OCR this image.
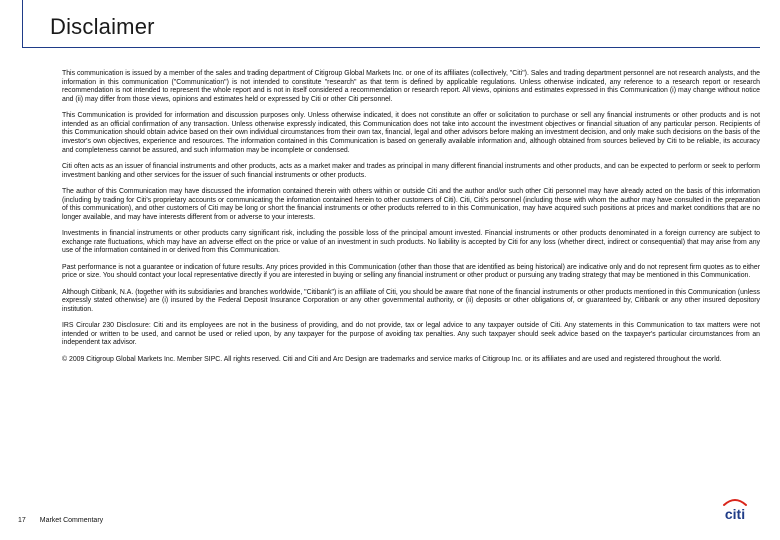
Disclaimer

This communication is issued by a member of the sales and trading department of Citigroup Global Markets Inc. or one of its affiliates (collectively, "Citi"). Sales and trading department personnel are not research analysts, and the information in this communication ("Communication") is not intended to constitute "research" as that term is defined by applicable regulations. Unless otherwise indicated, any reference to a research report or research recommendation is not intended to represent the whole report and is not in itself considered a recommendation or research report. All views, opinions and estimates expressed in this Communication (i) may change without notice and (ii) may differ from those views, opinions and estimates held or expressed by Citi or other Citi personnel.

This Communication is provided for information and discussion purposes only. Unless otherwise indicated, it does not constitute an offer or solicitation to purchase or sell any financial instruments or other products and is not intended as an official confirmation of any transaction. Unless otherwise expressly indicated, this Communication does not take into account the investment objectives or financial situation of any particular person. Recipients of this Communication should obtain advice based on their own individual circumstances from their own tax, financial, legal and other advisors before making an investment decision, and only make such decisions on the basis of the investor's own objectives, experience and resources. The information contained in this Communication is based on generally available information and, although obtained from sources believed by Citi to be reliable, its accuracy and completeness cannot be assured, and such information may be incomplete or condensed.

Citi often acts as an issuer of financial instruments and other products, acts as a market maker and trades as principal in many different financial instruments and other products, and can be expected to perform or seek to perform investment banking and other services for the issuer of such financial instruments or other products.

The author of this Communication may have discussed the information contained therein with others within or outside Citi and the author and/or such other Citi personnel may have already acted on the basis of this information (including by trading for Citi's proprietary accounts or communicating the information contained herein to other customers of Citi). Citi, Citi's personnel (including those with whom the author may have consulted in the preparation of this communication), and other customers of Citi may be long or short the financial instruments or other products referred to in this Communication, may have acquired such positions at prices and market conditions that are no longer available, and may have interests different from or adverse to your interests.

Investments in financial instruments or other products carry significant risk, including the possible loss of the principal amount invested. Financial instruments or other products denominated in a foreign currency are subject to exchange rate fluctuations, which may have an adverse effect on the price or value of an investment in such products. No liability is accepted by Citi for any loss (whether direct, indirect or consequential) that may arise from any use of the information contained in or derived from this Communication.

Past performance is not a guarantee or indication of future results. Any prices provided in this Communication (other than those that are identified as being historical) are indicative only and do not represent firm quotes as to either price or size. You should contact your local representative directly if you are interested in buying or selling any financial instrument or other product or pursuing any trading strategy that may be mentioned in this Communication.

Although Citibank, N.A. (together with its subsidiaries and branches worldwide, "Citibank") is an affiliate of Citi, you should be aware that none of the financial instruments or other products mentioned in this Communication (unless expressly stated otherwise) are (i) insured by the Federal Deposit Insurance Corporation or any other governmental authority, or (ii) deposits or other obligations of, or guaranteed by, Citibank or any other insured depository institution.

IRS Circular 230 Disclosure: Citi and its employees are not in the business of providing, and do not provide, tax or legal advice to any taxpayer outside of Citi. Any statements in this Communication to tax matters were not intended or written to be used, and cannot be used or relied upon, by any taxpayer for the purpose of avoiding tax penalties. Any such taxpayer should seek advice based on the taxpayer's particular circumstances from an independent tax advisor.

© 2009 Citigroup Global Markets Inc. Member SIPC. All rights reserved. Citi and Citi and Arc Design are trademarks and service marks of Citigroup Inc. or its affiliates and are used and registered throughout the world.

17 Market Commentary	citi
